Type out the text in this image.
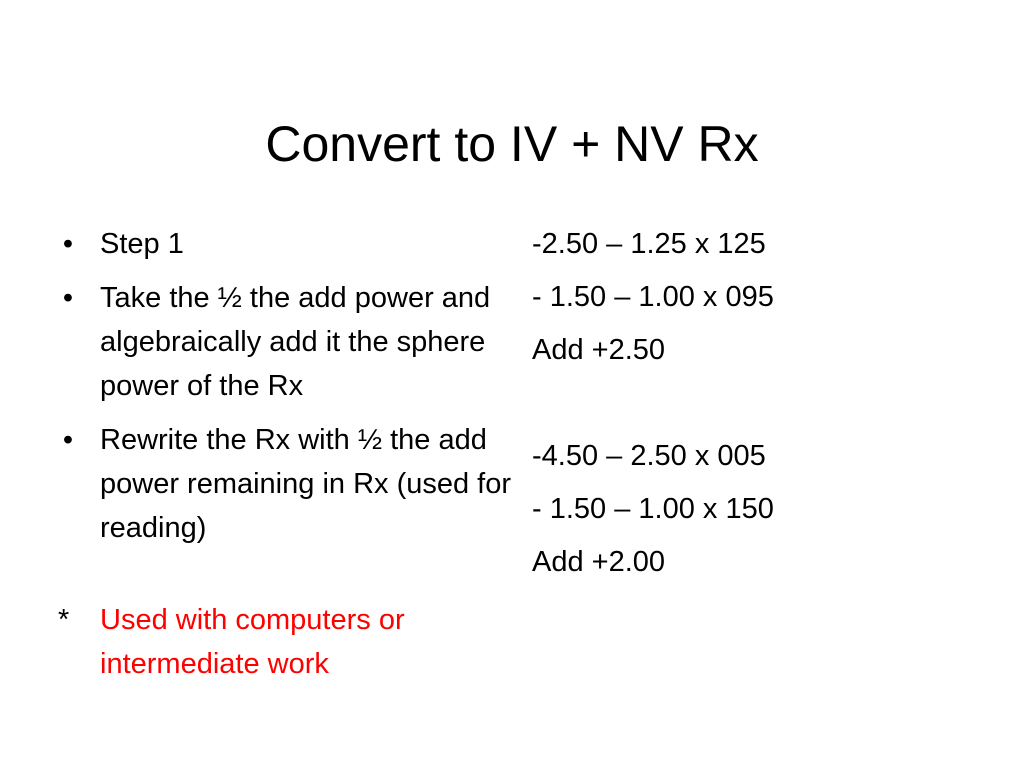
Convert to IV + NV Rx
• Step 1
• Take the ½ the add power and algebraically add it the sphere power of the Rx
• Rewrite the Rx with ½ the add power remaining in Rx (used for reading)
* Used with computers or intermediate work
-2.50 – 1.25 x 125
- 1.50 – 1.00 x 095
Add +2.50
-4.50 – 2.50 x 005
- 1.50 – 1.00 x 150
Add +2.00
